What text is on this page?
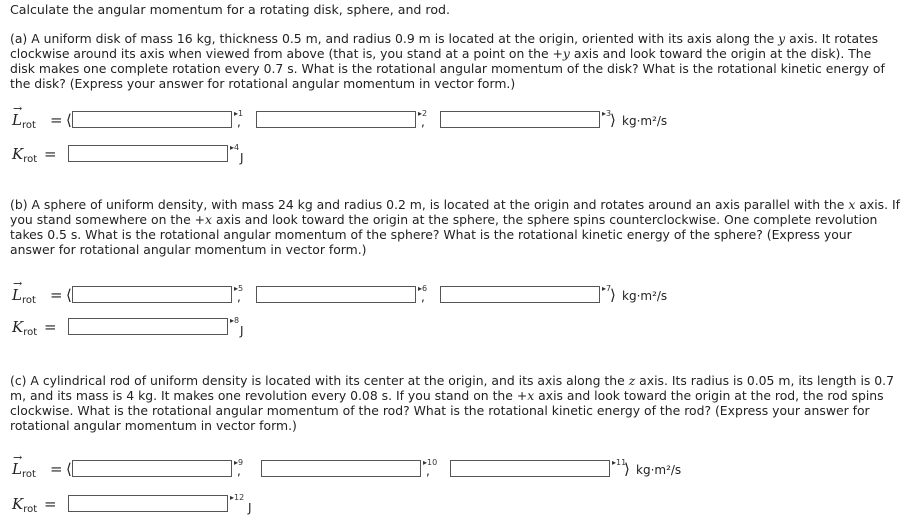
Calculate the angular momentum for a rotating disk, sphere, and rod.

(a) A uniform disk of mass 16 kg, thickness 0.5 m, and radius 0.9 m is located at the origin, oriented with its axis along the y axis. It rotates clockwise around its axis when viewed from above (that is, you stand at a point on the +y axis and look toward the origin at the disk). The disk makes one complete rotation every 0.7 s. What is the rotational angular momentum of the disk? What is the rotational kinetic energy of the disk? (Express your answer for rotational angular momentum in vector form.)

→
$L_{rot}$ = ⟨	▸1
,
▸2
,
▸3
⟩ kg·m²/s
$K_{rot}$ =	▸4
J

(b) A sphere of uniform density, with mass 24 kg and radius 0.2 m, is located at the origin and rotates around an axis parallel with the x axis. If you stand somewhere on the +x axis and look toward the origin at the sphere, the sphere spins counterclockwise. One complete revolution takes 0.5 s. What is the rotational angular momentum of the sphere? What is the rotational kinetic energy of the sphere? (Express your answer for rotational angular momentum in vector form.)

→
$L_{rot}$ = ⟨	▸5
,
▸6
,
▸7
⟩ kg·m²/s
$K_{rot}$ =	▸8
J

(c) A cylindrical rod of uniform density is located with its center at the origin, and its axis along the z axis. Its radius is 0.05 m, its length is 0.7 m, and its mass is 4 kg. It makes one revolution every 0.08 s. If you stand on the +x axis and look toward the origin at the rod, the rod spins clockwise. What is the rotational angular momentum of the rod? What is the rotational kinetic energy of the rod? (Express your answer for rotational angular momentum in vector form.)

→
$L_{rot}$ = ⟨	▸9
,
▸10
,
▸11
⟩ kg·m²/s
$K_{rot}$ =	▸12
J
